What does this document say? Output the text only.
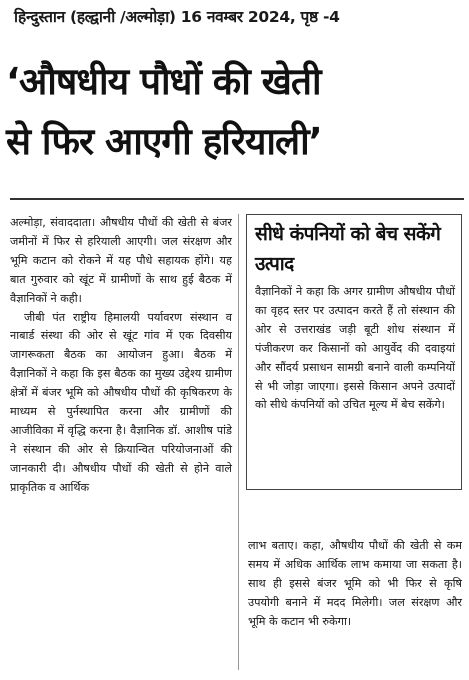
हिन्दुस्तान (हल्द्वानी /अल्मोड़ा) 16 नवम्बर 2024, पृष्ठ -4
‘औषधीय पौधों की खेती
से फिर आएगी हरियाली’

अल्मोड़ा, संवाददाता। औषधीय पौधों की खेती से बंजर जमीनों में फिर से हरियाली आएगी। जल संरक्षण और भूमि कटान को रोकने में यह पौधे सहायक होंगे। यह बात गुरुवार को खूंट में ग्रामीणों के साथ हुई बैठक में वैज्ञानिकों ने कही।

जीबी पंत राष्ट्रीय हिमालयी पर्यावरण संस्थान व नाबार्ड संस्था की ओर से खूंट गांव में एक दिवसीय जागरूकता बैठक का आयोजन हुआ। बैठक में वैज्ञानिकों ने कहा कि इस बैठक का मुख्य उद्देश्य ग्रामीण क्षेत्रों में बंजर भूमि को औषधीय पौधों की कृषिकरण के माध्यम से पुर्नस्थापित करना और ग्रामीणों की आजीविका में वृद्धि करना है। वैज्ञानिक डॉ. आशीष पांडे ने संस्थान की ओर से क्रियान्वित परियोजनाओं की जानकारी दी। औषधीय पौधों की खेती से होने वाले प्राकृतिक व आर्थिक

सीधे कंपनियों को बेच सकेंगे उत्पाद
वैज्ञानिकों ने कहा कि अगर ग्रामीण औषधीय पौधों का वृहद स्तर पर उत्पादन करते हैं तो संस्थान की ओर से उत्तराखंड जड़ी बूटी शोध संस्थान में पंजीकरण कर किसानों को आयुर्वेद की दवाइयां और सौंदर्य प्रसाधन सामग्री बनाने वाली कम्पनियों से भी जोड़ा जाएगा। इससे किसान अपने उत्पादों को सीधे कंपनियों को उचित मूल्य में बेच सकेंगे।
लाभ बताए। कहा, औषधीय पौधों की खेती से कम समय में अधिक आर्थिक लाभ कमाया जा सकता है। साथ ही इससे बंजर भूमि को भी फिर से कृषि उपयोगी बनाने में मदद मिलेगी। जल संरक्षण और भूमि के कटान भी रुकेगा।
